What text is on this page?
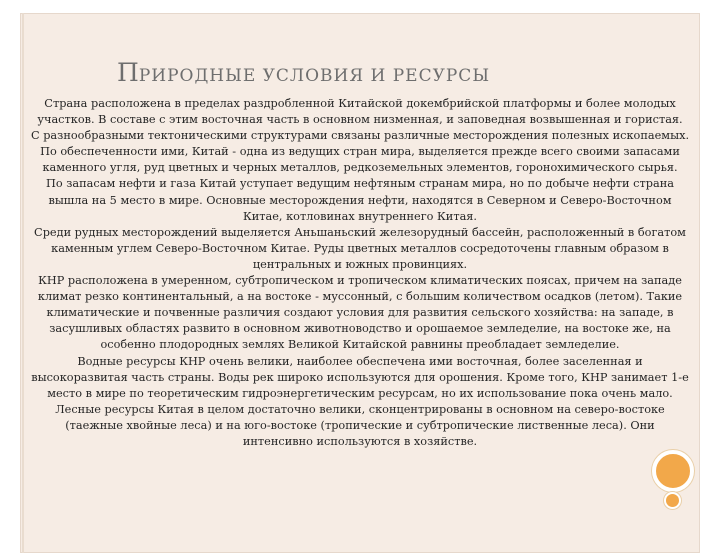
ПРИРОДНЫЕ УСЛОВИЯ И РЕСУРСЫ

Страна расположена в пределах раздробленной Китайской докембрийской платформы и более молодых участков. В составе с этим восточная часть в основном низменная, и заповедная возвышенная и гористая.

С разнообразными тектоническими структурами связаны различные месторождения полезных ископаемых. По обеспеченности ими, Китай - одна из ведущих стран мира, выделяется прежде всего своими запасами каменного угля, руд цветных и черных металлов, редкоземельных элементов, горонохимического сырья.

По запасам нефти и газа Китай уступает ведущим нефтяным странам мира, но по добыче нефти страна вышла на 5 место в мире. Основные месторождения нефти, находятся в Северном и Северо-Восточном Китае, котловинах внутреннего Китая.

Среди рудных месторождений выделяется Аньшаньский железорудный бассейн, расположенный в богатом каменным углем Северо-Восточном Китае. Руды цветных металлов сосредоточены главным образом в центральных и южных провинциях.

КНР расположена в умеренном, субтропическом и тропическом климатических поясах, причем на западе климат резко континентальный, а на востоке - муссонный, с большим количеством осадков (летом). Такие климатические и почвенные различия создают условия для развития сельского хозяйства: на западе, в засушливых областях развито в основном животноводство и орошаемое земледелие, на востоке же, на особенно плодородных землях Великой Китайской равнины преобладает земледелие.

Водные ресурсы КНР очень велики, наиболее обеспечена ими восточная, более заселенная и высокоразвитая часть страны. Воды рек широко используются для орошения. Кроме того, КНР занимает 1-е место в мире по теоретическим гидроэнергетическим ресурсам, но их использование пока очень мало.

Лесные ресурсы Китая в целом достаточно велики, сконцентрированы в основном на северо-востоке (таежные хвойные леса) и на юго-востоке (тропические и субтропические лиственные леса). Они интенсивно используются в хозяйстве.
